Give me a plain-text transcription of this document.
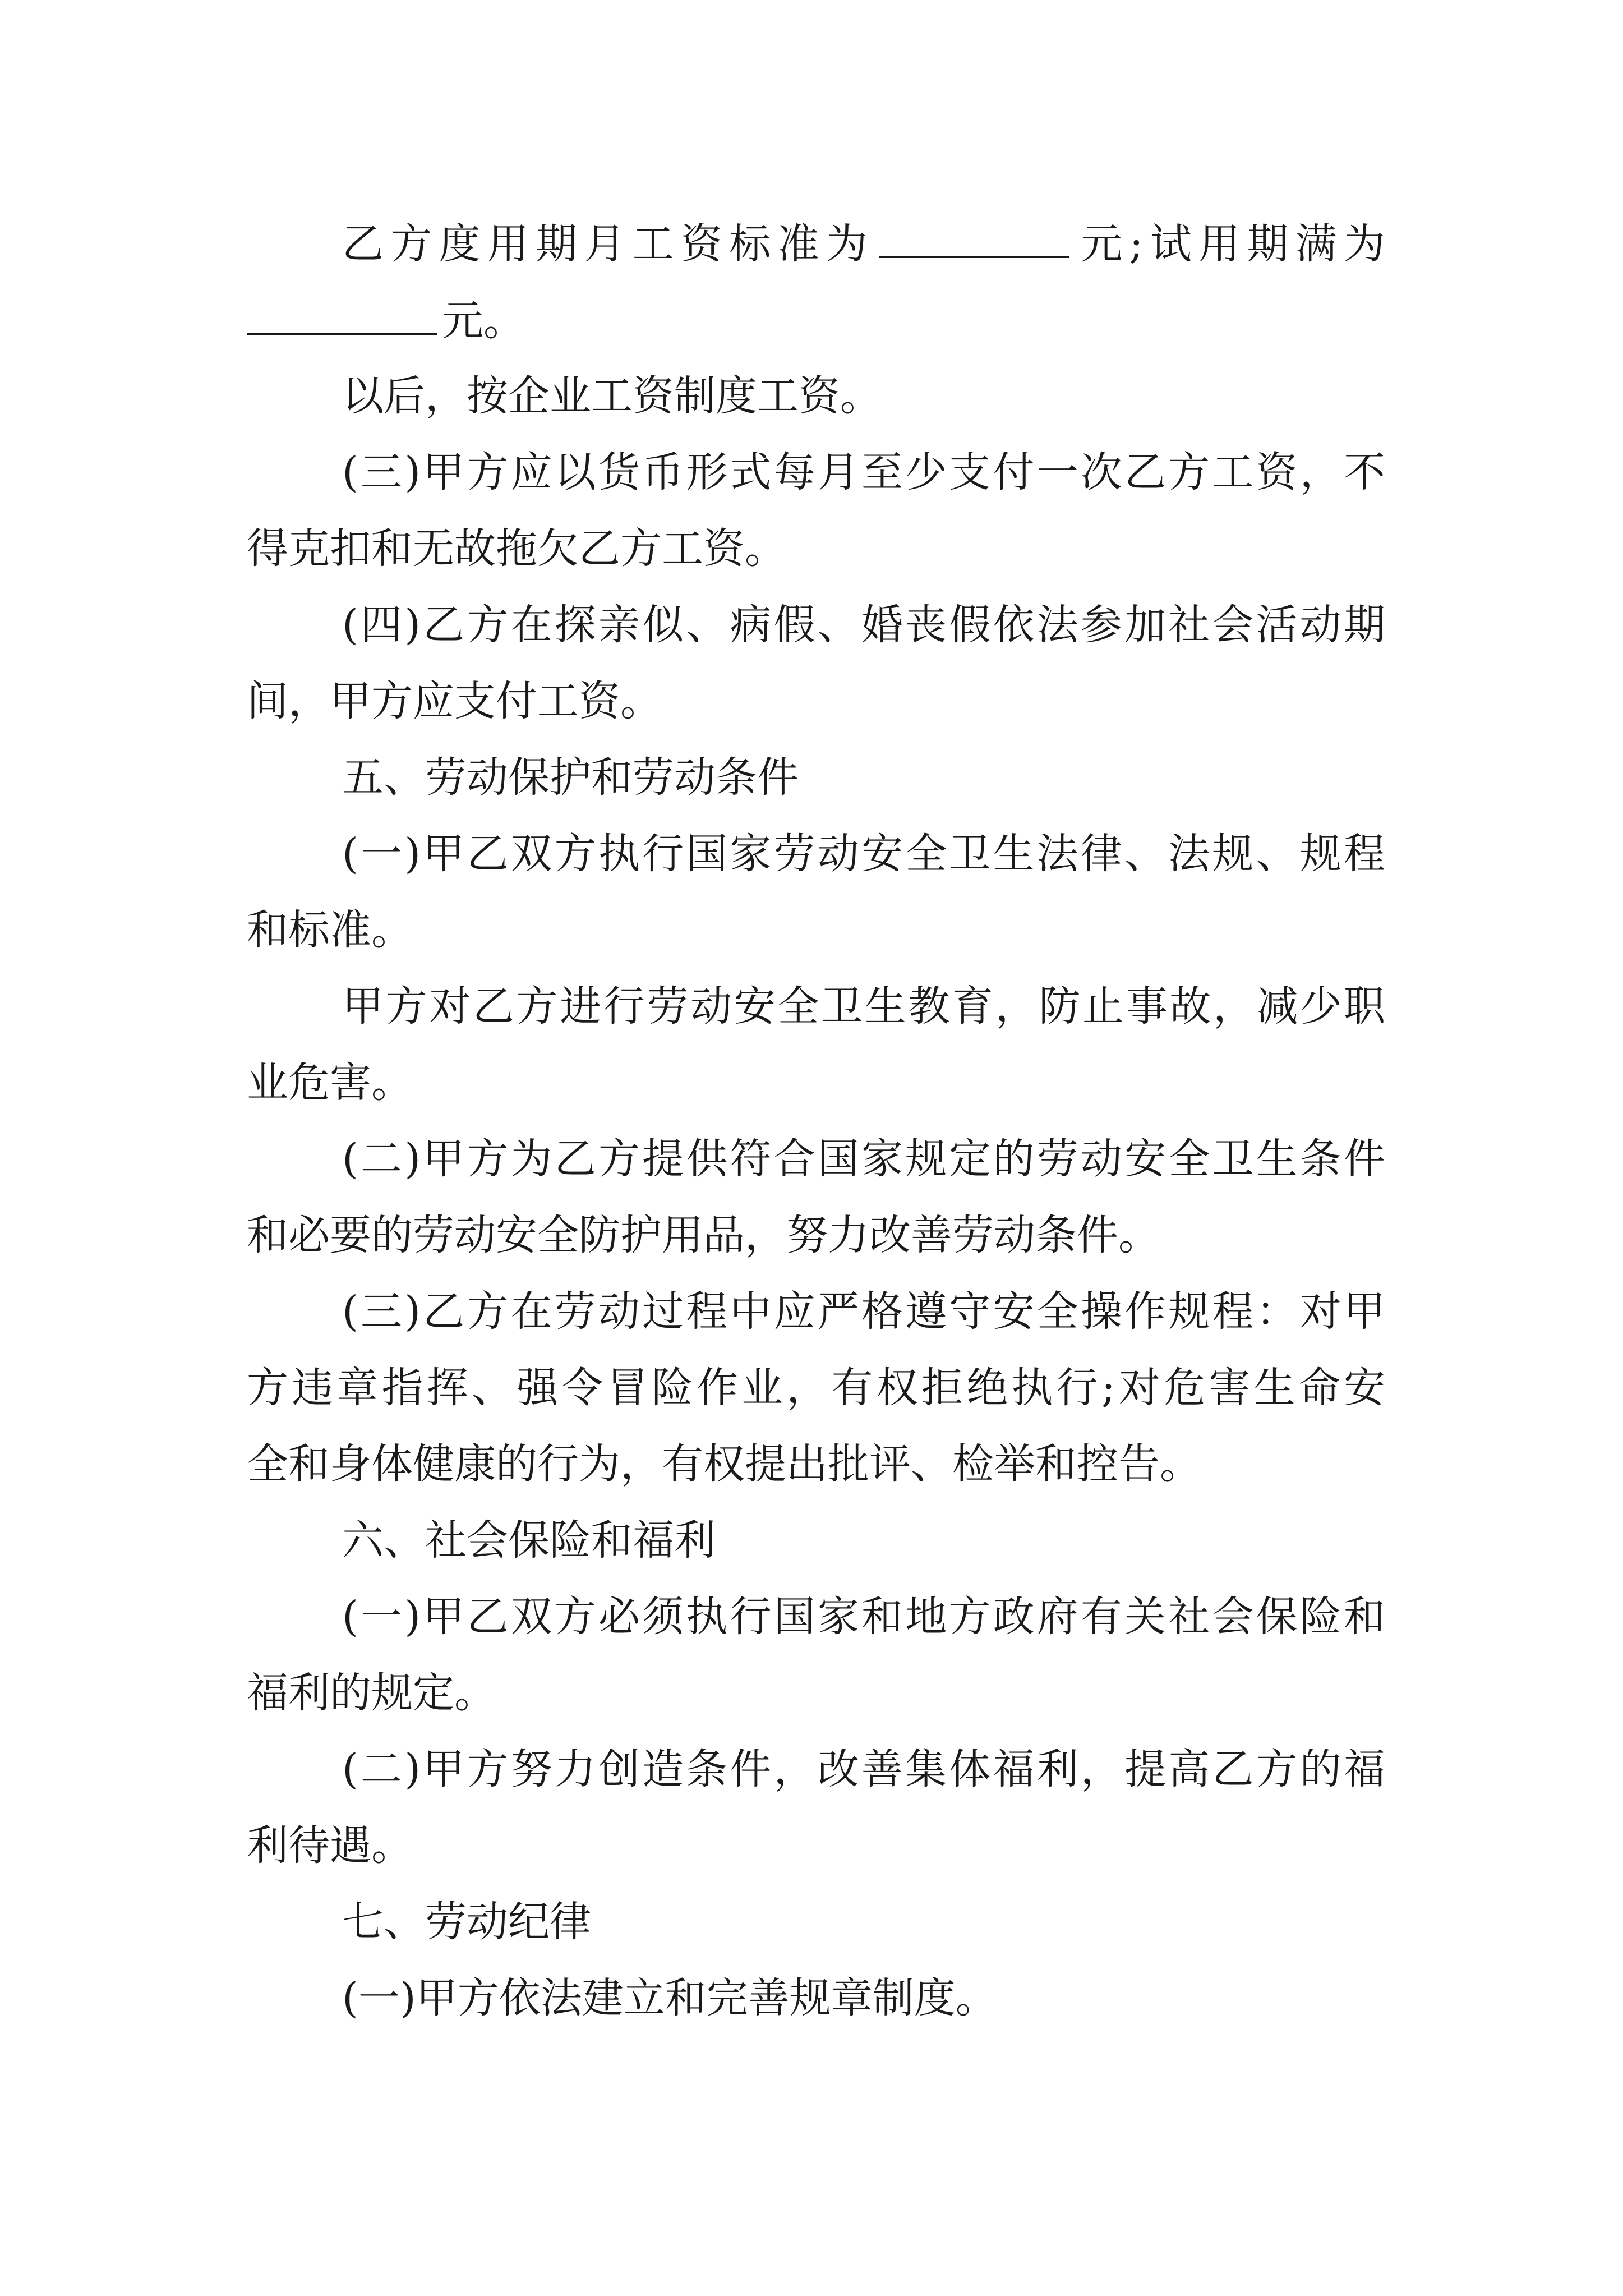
乙方度用期月工资标准为	元;试用期满为
元。
以后，按企业工资制度工资。
(三)甲方应以货币形式每月至少支付一次乙方工资，不
得克扣和无故拖欠乙方工资。
(四)乙方在探亲似、病假、婚丧假依法参加社会活动期
间，甲方应支付工资。
五、劳动保护和劳动条件
(一)甲乙双方执行国家劳动安全卫生法律、法规、规程
和标准。
甲方对乙方进行劳动安全卫生教育，防止事故，减少职
业危害。
(二)甲方为乙方提供符合国家规定的劳动安全卫生条件
和必要的劳动安全防护用品，努力改善劳动条件。
(三)乙方在劳动过程中应严格遵守安全操作规程：对甲
方违章指挥、强令冒险作业，有权拒绝执行;对危害生命安
全和身体健康的行为，有权提出批评、检举和控告。
六、社会保险和福利
(一)甲乙双方必须执行国家和地方政府有关社会保险和
福利的规定。
(二)甲方努力创造条件，改善集体福利，提高乙方的福
利待遇。
七、劳动纪律
(一)甲方依法建立和完善规章制度。
